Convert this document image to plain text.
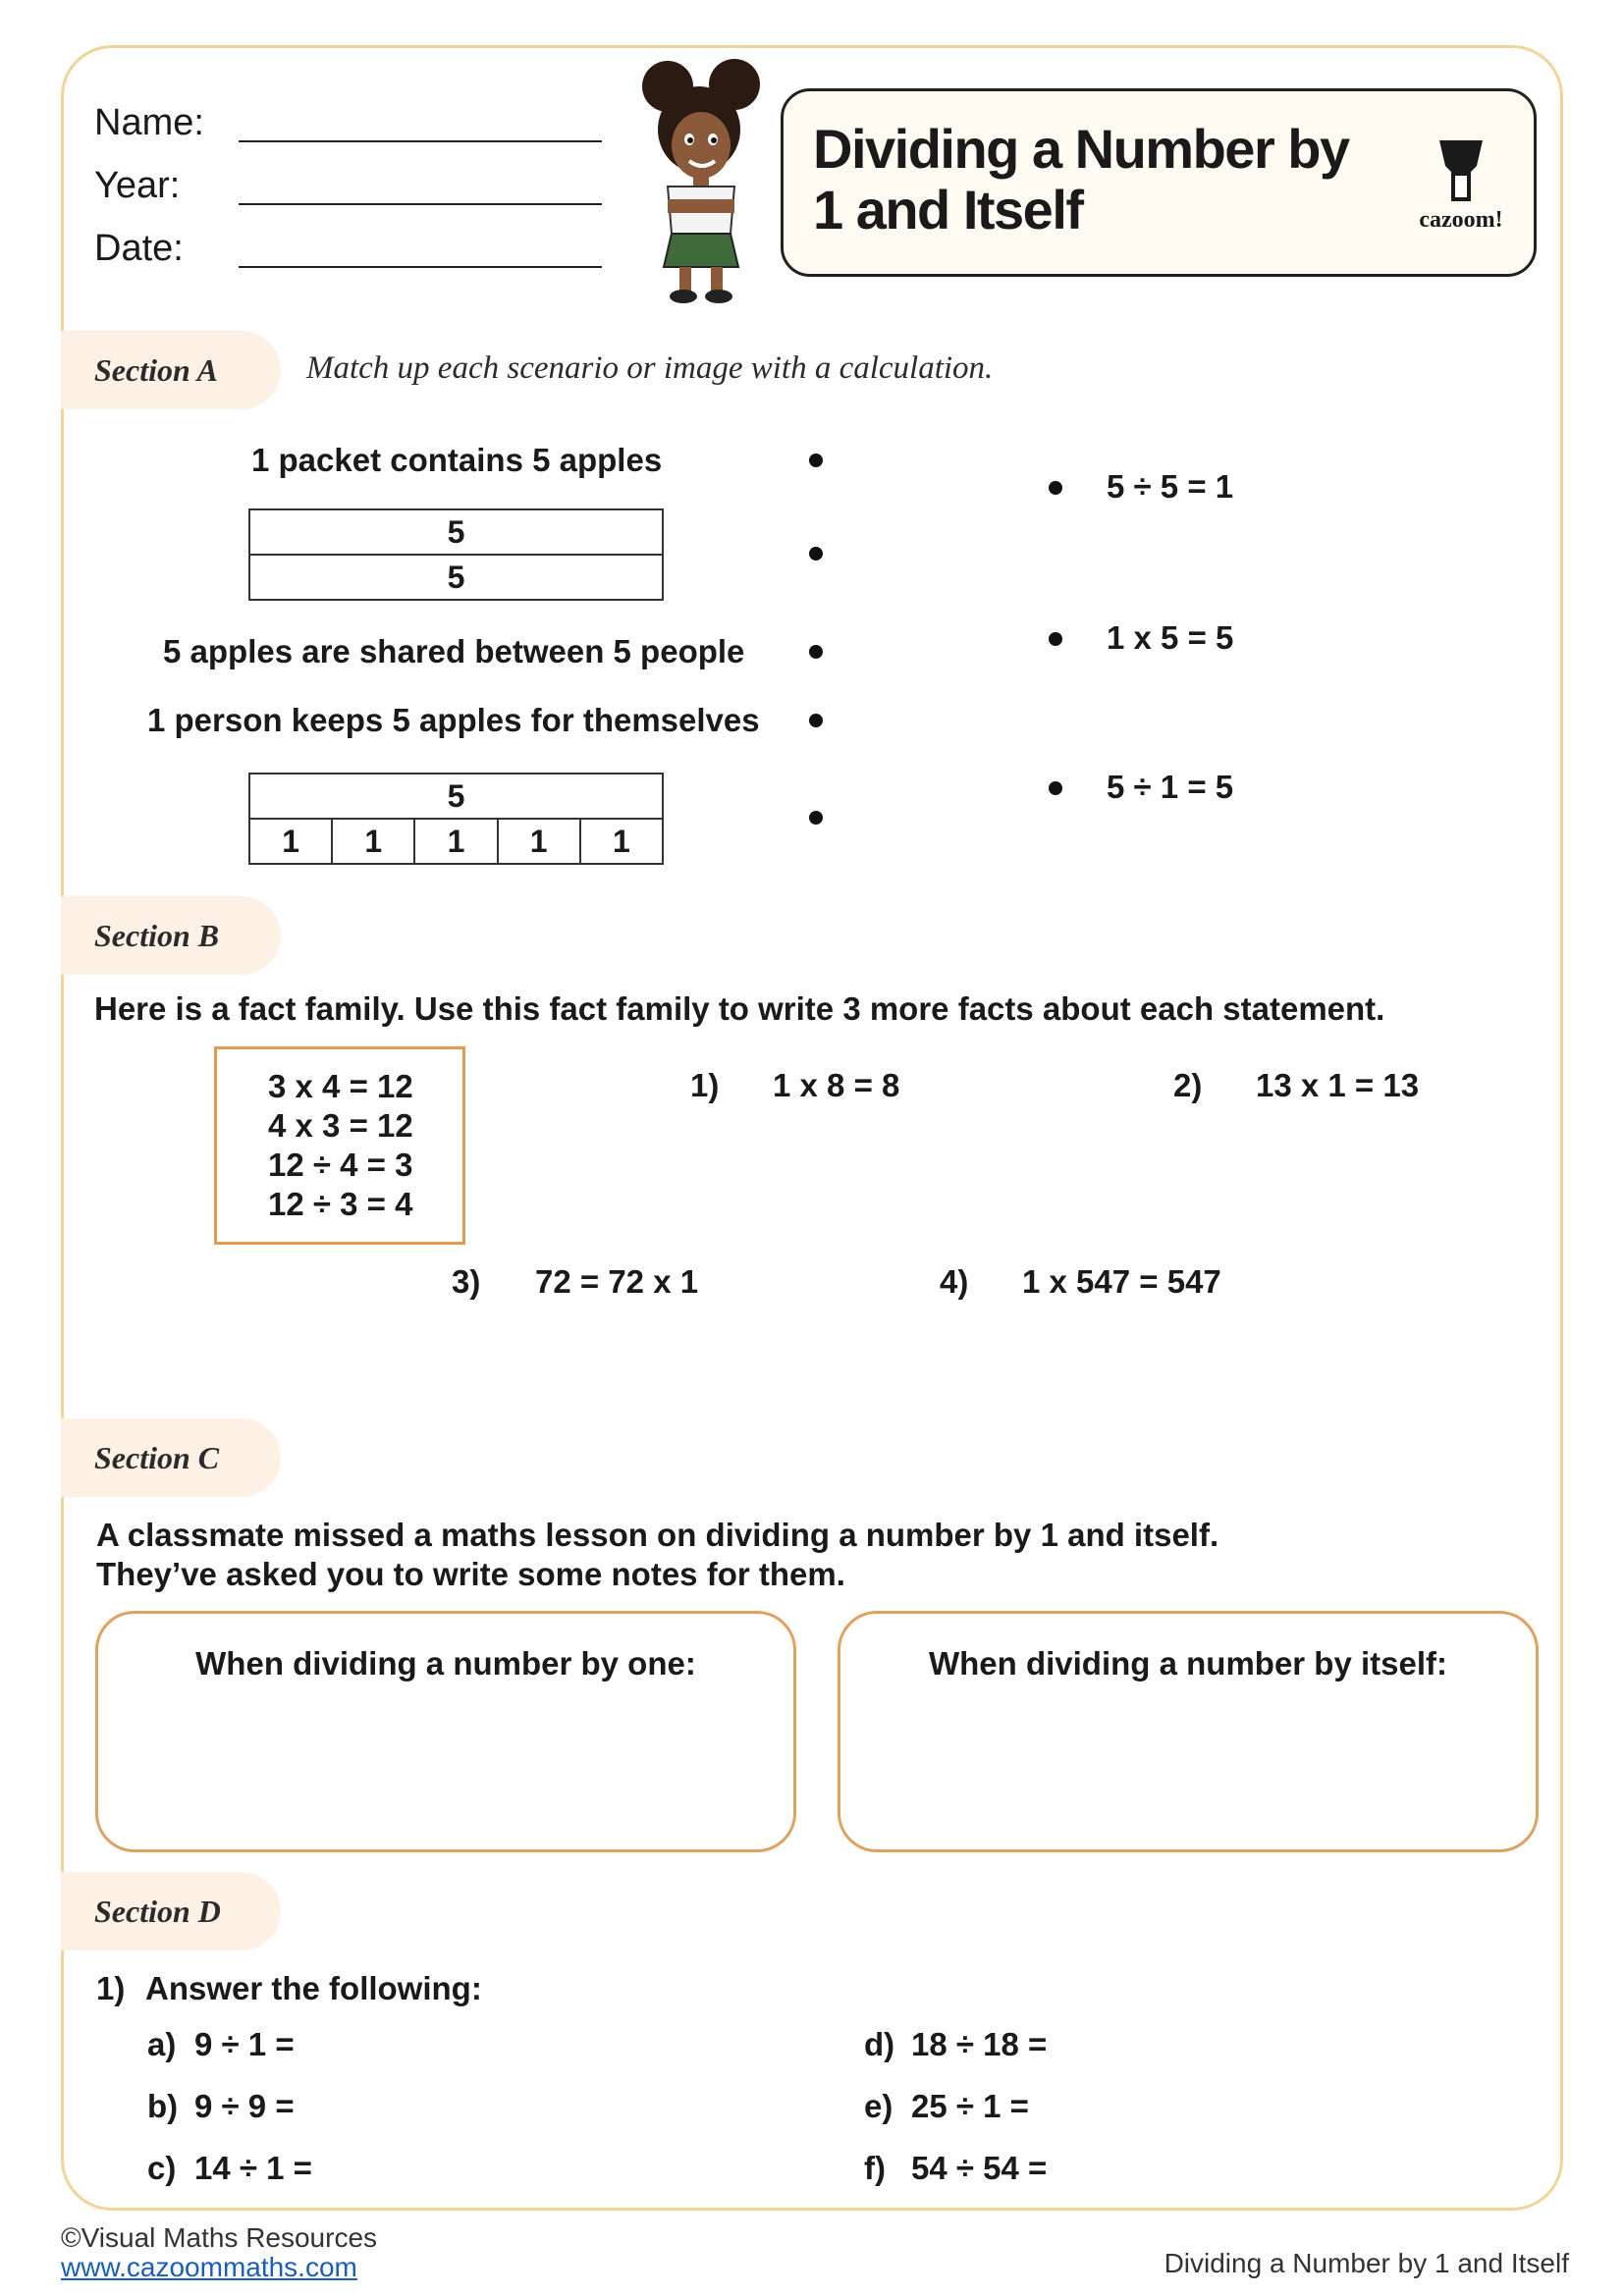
Name:
Year:
Date:
Dividing a Number by
1 and Itself	cazoom!
Section A	Match up each scenario or image with a calculation.
1 packet contains 5 apples
5
5
5 apples are shared between 5 people
1 person keeps 5 apples for themselves
5
1	1	1	1	1
5 ÷ 5 = 1
1 x 5 = 5
5 ÷ 1 = 5
Section B
Here is a fact family. Use this fact family to write 3 more facts about each statement.
3 x 4 = 12
4 x 3 = 12
12 ÷ 4 = 3
12 ÷ 3 = 4
1) 1 x 8 = 8	2) 13 x 1 = 13
3) 72 = 72 x 1	4) 1 x 547 = 547
Section C
A classmate missed a maths lesson on dividing a number by 1 and itself.
They’ve asked you to write some notes for them.
When dividing a number by one:	When dividing a number by itself:
Section D
1) Answer the following:
a) 9 ÷ 1 =
b) 9 ÷ 9 =
c) 14 ÷ 1 =
d) 18 ÷ 18 =
e) 25 ÷ 1 =
f) 54 ÷ 54 =
©Visual Maths Resources
www.cazoommaths.com	Dividing a Number by 1 and Itself
